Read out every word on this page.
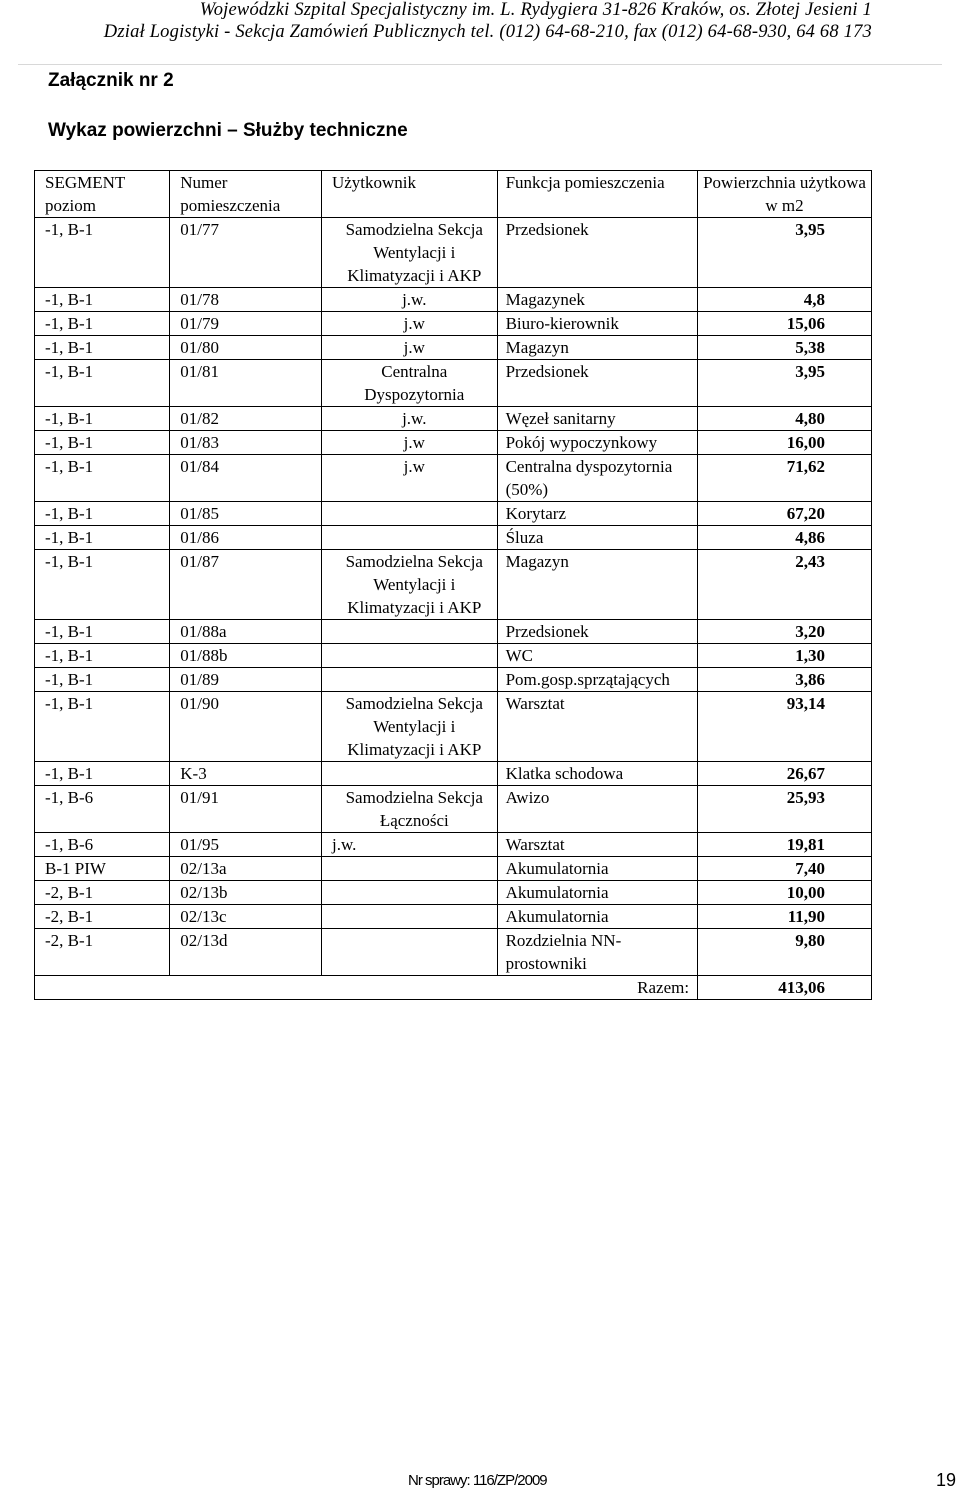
Wojewódzki Szpital Specjalistyczny im. L. Rydygiera 31-826 Kraków, os. Złotej Jesieni 1
Dział Logistyki - Sekcja Zamówień Publicznych tel. (012) 64-68-210, fax (012) 64-68-930, 64 68 173
Załącznik nr 2
Wykaz powierzchni – Służby techniczne
SEGMENT poziom	Numer pomieszczenia	Użytkownik	Funkcja pomieszczenia	Powierzchnia użytkowa w m2
-1, B-1	01/77	Samodzielna Sekcja Wentylacji i Klimatyzacji i AKP	Przedsionek	3,95
-1, B-1	01/78	j.w.	Magazynek	4,8
-1, B-1	01/79	j.w	Biuro-kierownik	15,06
-1, B-1	01/80	j.w	Magazyn	5,38
-1, B-1	01/81	Centralna Dyspozytornia	Przedsionek	3,95
-1, B-1	01/82	j.w.	Węzeł sanitarny	4,80
-1, B-1	01/83	j.w	Pokój wypoczynkowy	16,00
-1, B-1	01/84	j.w	Centralna dyspozytornia (50%)	71,62
-1, B-1	01/85		Korytarz	67,20
-1, B-1	01/86		Śluza	4,86
-1, B-1	01/87	Samodzielna Sekcja Wentylacji i Klimatyzacji i AKP	Magazyn	2,43
-1, B-1	01/88a		Przedsionek	3,20
-1, B-1	01/88b		WC	1,30
-1, B-1	01/89		Pom.gosp.sprzątających	3,86
-1, B-1	01/90	Samodzielna Sekcja Wentylacji i Klimatyzacji i AKP	Warsztat	93,14
-1, B-1	K-3		Klatka schodowa	26,67
-1, B-6	01/91	Samodzielna Sekcja Łączności	Awizo	25,93
-1, B-6	01/95	j.w.	Warsztat	19,81
B-1 PIW	02/13a		Akumulatornia	7,40
-2, B-1	02/13b		Akumulatornia	10,00
-2, B-1	02/13c		Akumulatornia	11,90
-2, B-1	02/13d		Rozdzielnia NN-prostowniki	9,80
Razem:				413,06
Nr sprawy: 116/ZP/2009	19
